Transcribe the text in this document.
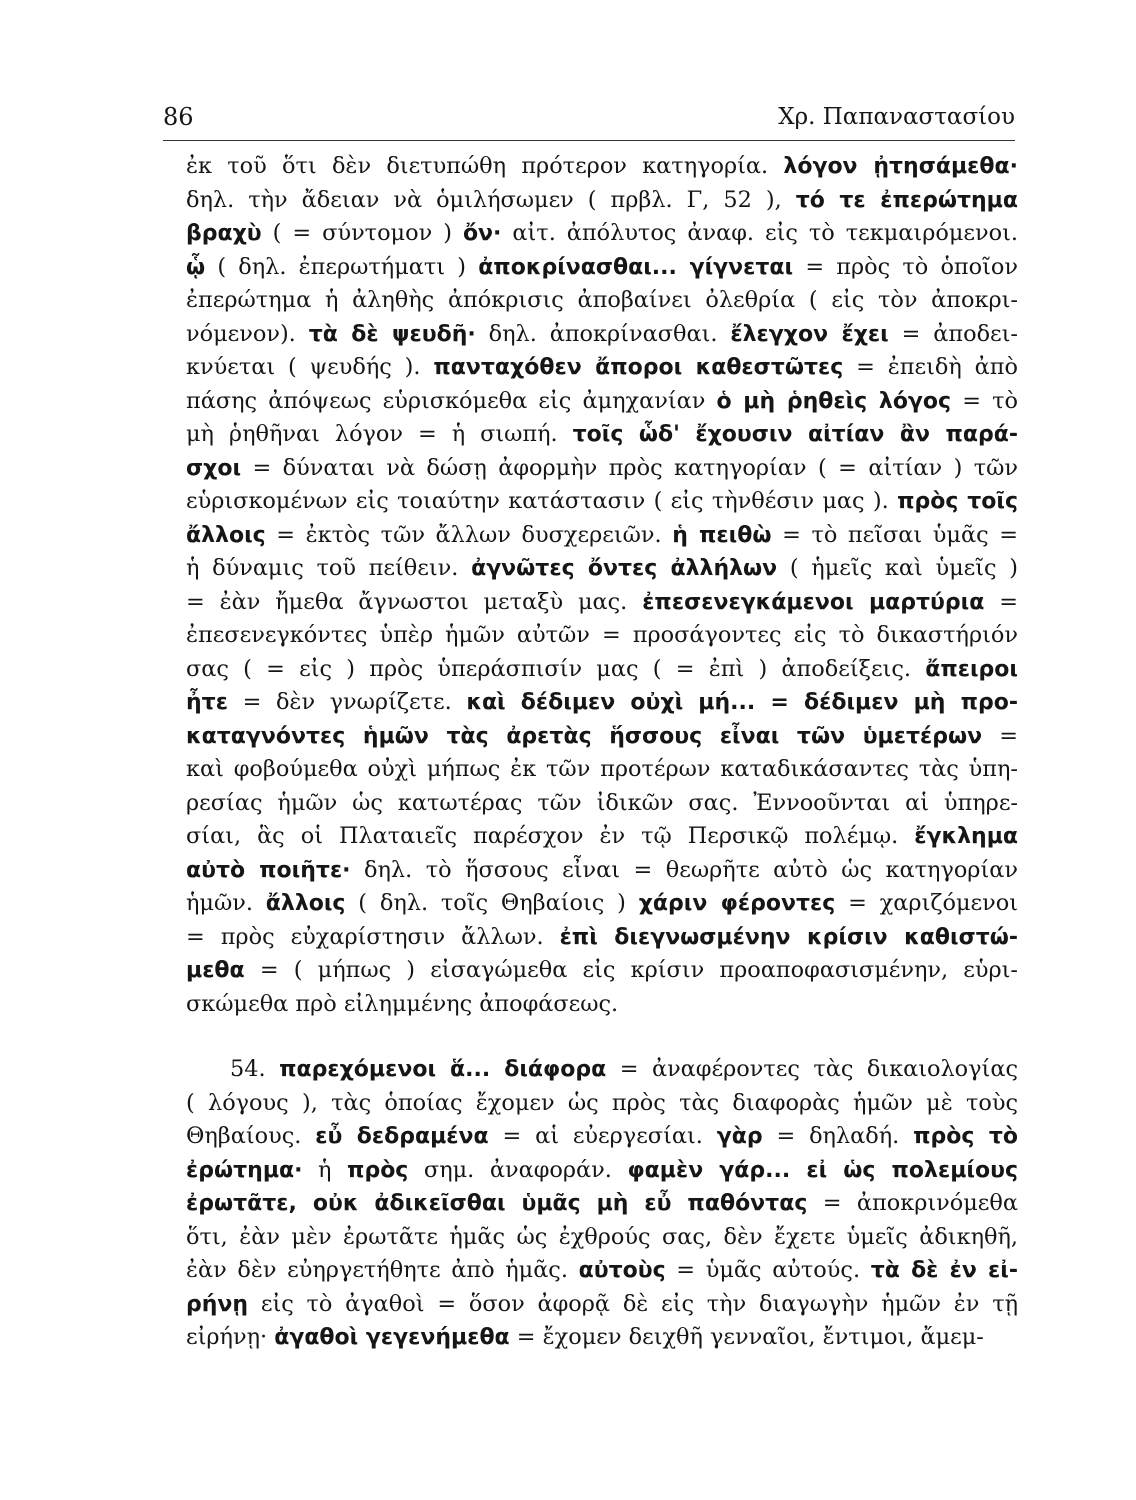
86	Χρ. Παπαναστασίου
ἐκ τοῦ ὅτι δὲν διετυπώθη πρότερον κατηγορία. λόγον ᾐτησάμεθα·
δηλ. τὴν ἄδειαν νὰ ὁμιλήσωμεν ( πρβλ. Γ, 52 ), τό τε ἐπερώτημα
βραχὺ ( = σύντομον ) ὄν· αἰτ. ἀπόλυτος ἀναφ. εἰς τὸ τεκμαιρόμενοι.
ᾧ ( δηλ. ἐπερωτήματι ) ἀποκρίνασθαι... γίγνεται = πρὸς τὸ ὁποῖον
ἐπερώτημα ἡ ἀληθὴς ἀπόκρισις ἀποβαίνει ὀλεθρία ( εἰς τὸν ἀποκρι-
νόμενον). τὰ δὲ ψευδῆ· δηλ. ἀποκρίνασθαι. ἔλεγχον ἔχει = ἀποδει-
κνύεται ( ψευδής ). πανταχόθεν ἄποροι καθεστῶτες = ἐπειδὴ ἀπὸ
πάσης ἀπόψεως εὑρισκόμεθα εἰς ἀμηχανίαν ὁ μὴ ῥηθεὶς λόγος = τὸ
μὴ ῥηθῆναι λόγον = ἡ σιωπή. τοῖς ὧδ' ἔχουσιν αἰτίαν ἂν παρά-
σχοι = δύναται νὰ δώσῃ ἀφορμὴν πρὸς κατηγορίαν ( = αἰτίαν ) τῶν
εὑρισκομένων εἰς τοιαύτην κατάστασιν ( εἰς τὴνθέσιν μας ). πρὸς τοῖς
ἄλλοις = ἐκτὸς τῶν ἄλλων δυσχερειῶν. ἡ πειθὼ = τὸ πεῖσαι ὑμᾶς =
ἡ δύναμις τοῦ πείθειν. ἀγνῶτες ὄντες ἀλλήλων ( ἡμεῖς καὶ ὑμεῖς )
= ἐὰν ἤμεθα ἄγνωστοι μεταξὺ μας. ἐπεσενεγκάμενοι μαρτύρια =
ἐπεσενεγκόντες ὑπὲρ ἡμῶν αὐτῶν = προσάγοντες εἰς τὸ δικαστήριόν
σας ( = εἰς ) πρὸς ὑπεράσπισίν μας ( = ἐπὶ ) ἀποδείξεις. ἄπειροι
ἦτε = δὲν γνωρίζετε. καὶ δέδιμεν οὐχὶ μή... = δέδιμεν μὴ προ-
καταγνόντες ἡμῶν τὰς ἀρετὰς ἥσσους εἶναι τῶν ὑμετέρων =
καὶ φοβούμεθα οὐχὶ μήπως ἐκ τῶν προτέρων καταδικάσαντες τὰς ὑπη-
ρεσίας ἡμῶν ὡς κατωτέρας τῶν ἰδικῶν σας. Ἐννοοῦνται αἱ ὑπηρε-
σίαι, ἃς οἱ Πλαταιεῖς παρέσχον ἐν τῷ Περσικῷ πολέμῳ. ἔγκλημα
αὐτὸ ποιῆτε· δηλ. τὸ ἥσσους εἶναι = θεωρῆτε αὐτὸ ὡς κατηγορίαν
ἡμῶν. ἄλλοις ( δηλ. τοῖς Θηβαίοις ) χάριν φέροντες = χαριζόμενοι
= πρὸς εὐχαρίστησιν ἄλλων. ἐπὶ διεγνωσμένην κρίσιν καθιστώ-
μεθα = ( μήπως ) εἰσαγώμεθα εἰς κρίσιν προαποφασισμένην, εὑρι-
σκώμεθα πρὸ εἰλημμένης ἀποφάσεως.
54. παρεχόμενοι ἅ... διάφορα = ἀναφέροντες τὰς δικαιολογίας
( λόγους ), τὰς ὁποίας ἔχομεν ὡς πρὸς τὰς διαφορὰς ἡμῶν μὲ τοὺς
Θηβαίους. εὖ δεδραμένα = αἱ εὐεργεσίαι. γὰρ = δηλαδή. πρὸς τὸ
ἐρώτημα· ἡ πρὸς σημ. ἀναφοράν. φαμὲν γάρ... εἰ ὡς πολεμίους
ἐρωτᾶτε, οὐκ ἀδικεῖσθαι ὑμᾶς μὴ εὖ παθόντας = ἀποκρινόμεθα
ὅτι, ἐὰν μὲν ἐρωτᾶτε ἡμᾶς ὡς ἐχθρούς σας, δὲν ἔχετε ὑμεῖς ἀδικηθῆ,
ἐὰν δὲν εὐηργετήθητε ἀπὸ ἡμᾶς. αὐτοὺς = ὑμᾶς αὐτούς. τὰ δὲ ἐν εἰ-
ρήνῃ εἰς τὸ ἀγαθοὶ = ὅσον ἀφορᾷ δὲ εἰς τὴν διαγωγὴν ἡμῶν ἐν τῇ
εἰρήνῃ· ἀγαθοὶ γεγενήμεθα = ἔχομεν δειχθῆ γενναῖοι, ἔντιμοι, ἄμεμ-
